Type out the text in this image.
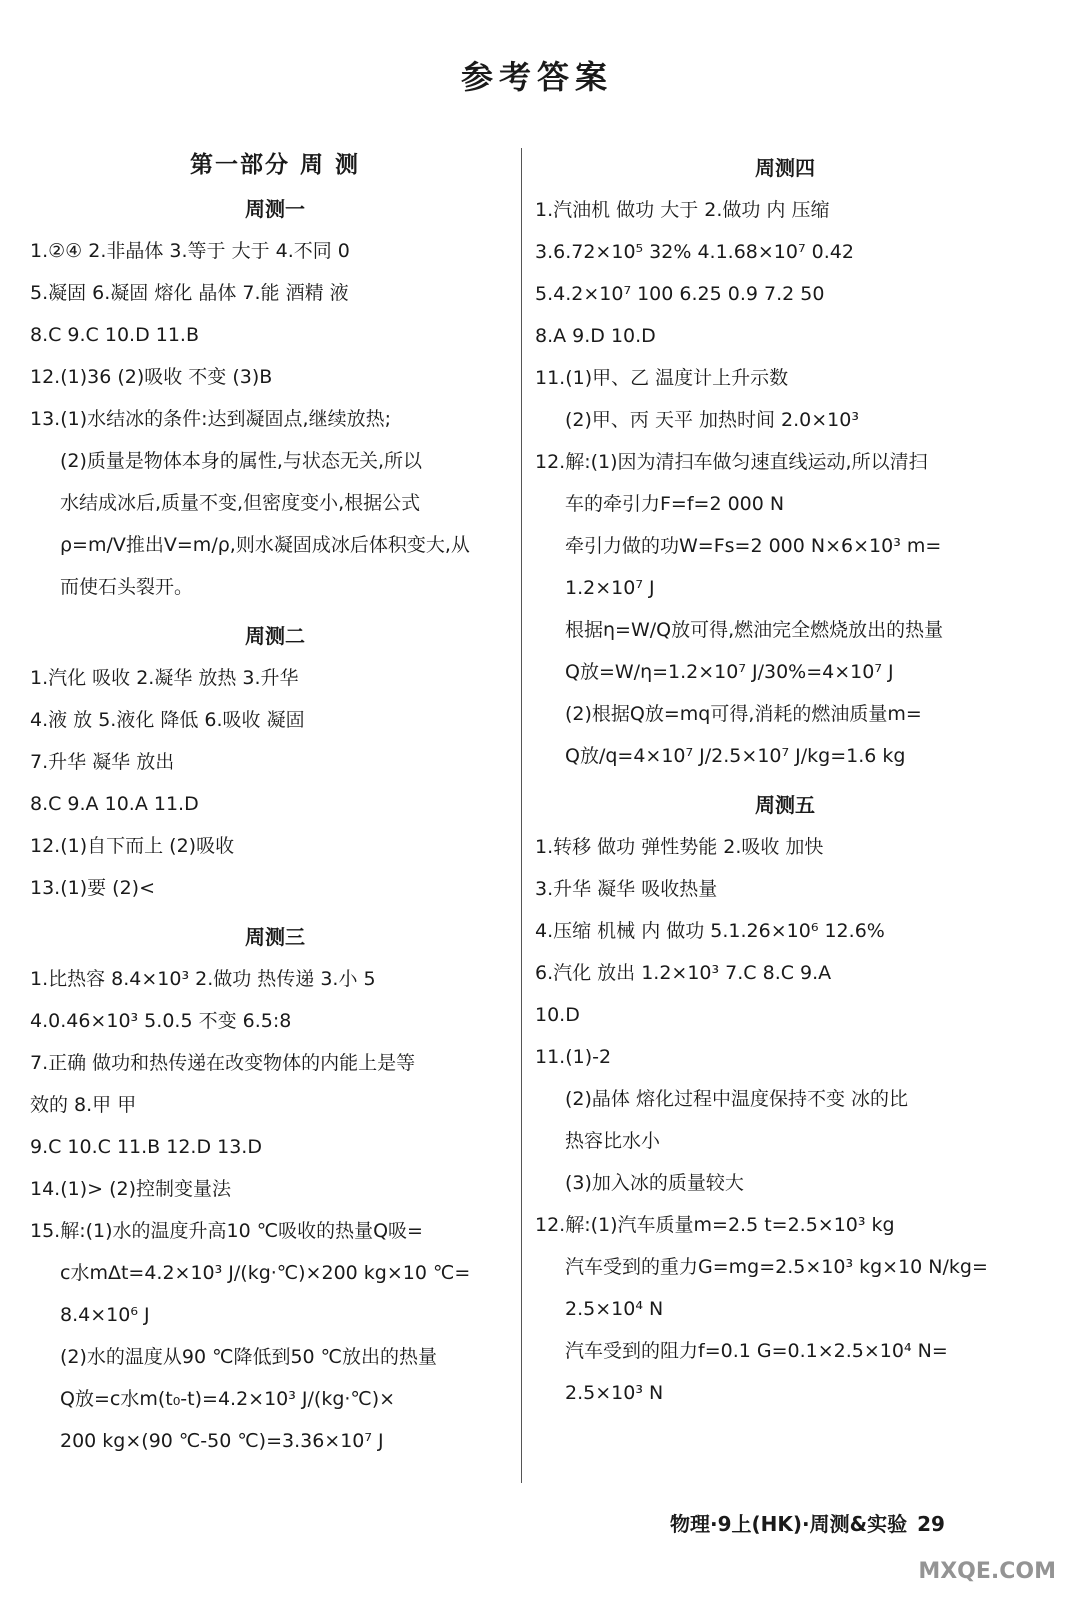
参考答案
第一部分 周 测
周测一
1.②④ 2.非晶体 3.等于 大于 4.不同 0
5.凝固 6.凝固 熔化 晶体 7.能 酒精 液
8.C 9.C 10.D 11.B
12.(1)36 (2)吸收 不变 (3)B
13.(1)水结冰的条件:达到凝固点,继续放热;
(2)质量是物体本身的属性,与状态无关,所以
水结成冰后,质量不变,但密度变小,根据公式
ρ=m/V推出V=m/ρ,则水凝固成冰后体积变大,从
而使石头裂开。
周测二
1.汽化 吸收 2.凝华 放热 3.升华
4.液 放 5.液化 降低 6.吸收 凝固
7.升华 凝华 放出
8.C 9.A 10.A 11.D
12.(1)自下而上 (2)吸收
13.(1)要 (2)<
周测三
1.比热容 8.4×10³ 2.做功 热传递 3.小 5
4.0.46×10³ 5.0.5 不变 6.5:8
7.正确 做功和热传递在改变物体的内能上是等
效的 8.甲 甲
9.C 10.C 11.B 12.D 13.D
14.(1)> (2)控制变量法
15.解:(1)水的温度升高10 ℃吸收的热量Q吸=
c水mΔt=4.2×10³ J/(kg·℃)×200 kg×10 ℃=
8.4×10⁶ J
(2)水的温度从90 ℃降低到50 ℃放出的热量
Q放=c水m(t₀-t)=4.2×10³ J/(kg·℃)×
200 kg×(90 ℃-50 ℃)=3.36×10⁷ J
周测四
1.汽油机 做功 大于 2.做功 内 压缩
3.6.72×10⁵ 32% 4.1.68×10⁷ 0.42
5.4.2×10⁷ 100 6.25 0.9 7.2 50
8.A 9.D 10.D
11.(1)甲、乙 温度计上升示数
(2)甲、丙 天平 加热时间 2.0×10³
12.解:(1)因为清扫车做匀速直线运动,所以清扫
车的牵引力F=f=2 000 N
牵引力做的功W=Fs=2 000 N×6×10³ m=
1.2×10⁷ J
根据η=W/Q放可得,燃油完全燃烧放出的热量
Q放=W/η=1.2×10⁷ J/30%=4×10⁷ J
(2)根据Q放=mq可得,消耗的燃油质量m=
Q放/q=4×10⁷ J/2.5×10⁷ J/kg=1.6 kg
周测五
1.转移 做功 弹性势能 2.吸收 加快
3.升华 凝华 吸收热量
4.压缩 机械 内 做功 5.1.26×10⁶ 12.6%
6.汽化 放出 1.2×10³ 7.C 8.C 9.A
10.D
11.(1)-2
(2)晶体 熔化过程中温度保持不变 冰的比
热容比水小
(3)加入冰的质量较大
12.解:(1)汽车质量m=2.5 t=2.5×10³ kg
汽车受到的重力G=mg=2.5×10³ kg×10 N/kg=
2.5×10⁴ N
汽车受到的阻力f=0.1 G=0.1×2.5×10⁴ N=
2.5×10³ N
物理·9上(HK)·周测&实验 29
MXQE.COM
